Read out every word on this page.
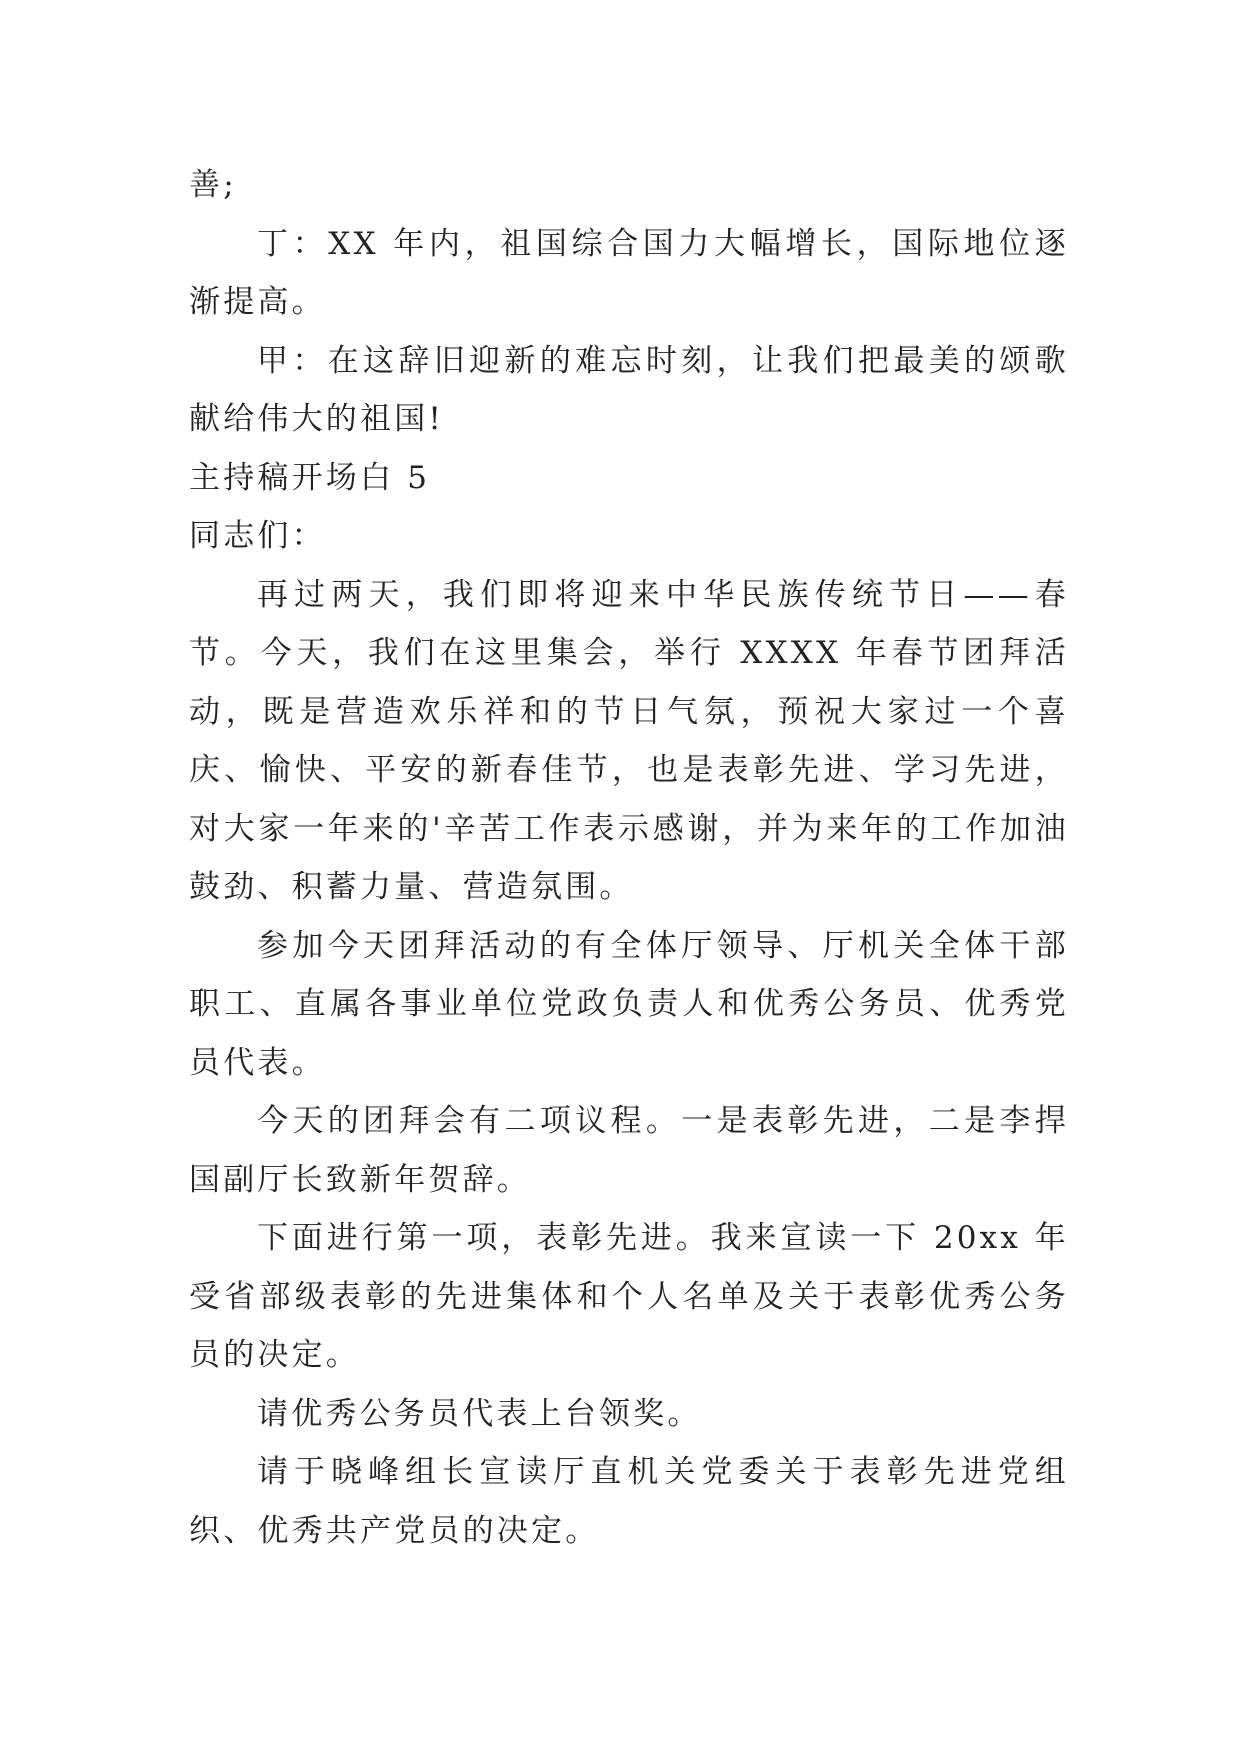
善;

丁：XX 年内，祖国综合国力大幅增长，国际地位逐渐提高。

甲：在这辞旧迎新的难忘时刻，让我们把最美的颂歌献给伟大的祖国!

主持稿开场白 5

同志们：

再过两天，我们即将迎来中华民族传统节日——春节。今天，我们在这里集会，举行 XXXX 年春节团拜活动，既是营造欢乐祥和的节日气氛，预祝大家过一个喜庆、愉快、平安的新春佳节，也是表彰先进、学习先进，对大家一年来的'辛苦工作表示感谢，并为来年的工作加油鼓劲、积蓄力量、营造氛围。

参加今天团拜活动的有全体厅领导、厅机关全体干部职工、直属各事业单位党政负责人和优秀公务员、优秀党员代表。

今天的团拜会有二项议程。一是表彰先进，二是李捍国副厅长致新年贺辞。

下面进行第一项，表彰先进。我来宣读一下 20xx 年受省部级表彰的先进集体和个人名单及关于表彰优秀公务员的决定。

请优秀公务员代表上台领奖。

请于晓峰组长宣读厅直机关党委关于表彰先进党组织、优秀共产党员的决定。
